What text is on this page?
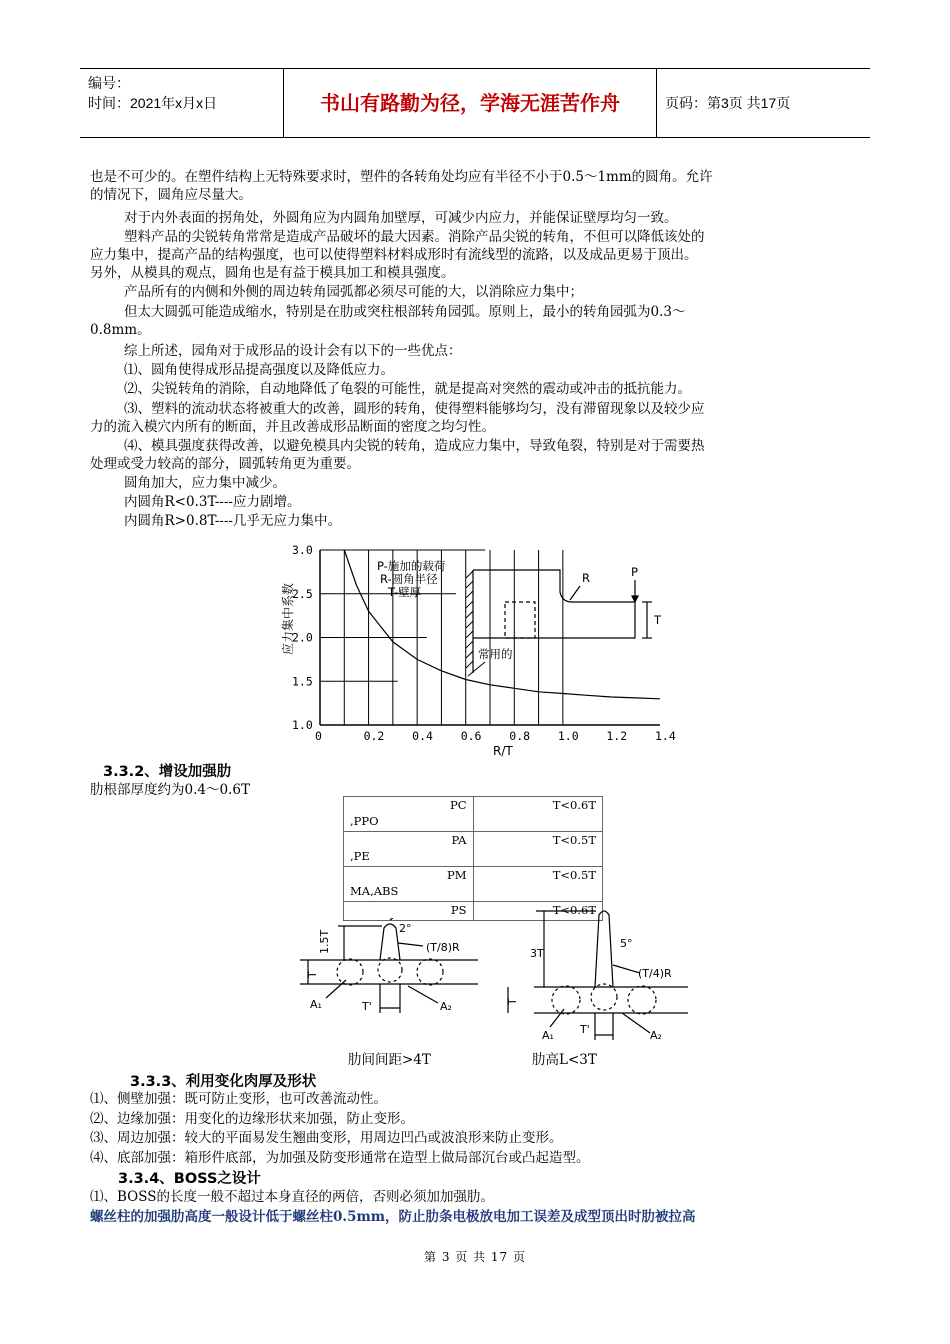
编号：
时间：2021年x月x日	书山有路勤为径，学海无涯苦作舟	页码：第3页 共17页
也是不可少的。在塑件结构上无特殊要求时，塑件的各转角处均应有半径不小于0.5～1mm的圆角。允许
的情况下，圆角应尽量大。
对于内外表面的拐角处，外圆角应为内圆角加壁厚，可减少内应力，并能保证壁厚均匀一致。
塑料产品的尖锐转角常常是造成产品破坏的最大因素。消除产品尖锐的转角，不但可以降低该处的
应力集中，提高产品的结构强度，也可以使得塑料材料成形时有流线型的流路，以及成品更易于顶出。
另外，从模具的观点，圆角也是有益于模具加工和模具强度。
产品所有的内侧和外侧的周边转角园弧都必须尽可能的大，以消除应力集中；
但太大圆弧可能造成缩水，特别是在肋或突柱根部转角园弧。原则上，最小的转角园弧为0.3～
0.8mm。
综上所述，园角对于成形品的设计会有以下的一些优点：
⑴、圆角使得成形品提高强度以及降低应力。
⑵、尖锐转角的消除，自动地降低了龟裂的可能性，就是提高对突然的震动或冲击的抵抗能力。
⑶、塑料的流动状态将被重大的改善，圆形的转角，使得塑料能够均匀，没有滞留现象以及较少应
力的流入模穴内所有的断面，并且改善成形品断面的密度之均匀性。
⑷、模具强度获得改善，以避免模具内尖锐的转角，造成应力集中，导致龟裂，特别是对于需要热
处理或受力较高的部分，圆弧转角更为重要。
圆角加大，应力集中减少。
内圆角R<0.3T----应力剧增。
内圆角R>0.8T----几乎无应力集中。
0	0.2 0.4 0.6 0.8 1.0 1.2 1.4
1.0
1.5
2.0
2.5
3.0
R/T
应力集中系数
P-施加的载荷
R-圆角半径
T-壁厚
R	P
T
常用的
3.3.2、增设加强肋
肋根部厚度约为0.4～0.6T
PC
,PPO	T<0.6T

PA
,PE	T<0.5T

PM
MA,ABS	T<0.5T

PS	T<0.6T
1.5T
2°
(T/8)R
T
T'
A₁	A₂
3T
5°
(T/4)R
T
T'
A₁	A₂
肋间间距>4T	肋高L<3T
3.3.3、利用变化肉厚及形状
⑴、侧壁加强：既可防止变形，也可改善流动性。
⑵、边缘加强：用变化的边缘形状来加强，防止变形。
⑶、周边加强：较大的平面易发生翘曲变形，用周边凹凸或波浪形来防止变形。
⑷、底部加强：箱形件底部，为加强及防变形通常在造型上做局部沉台或凸起造型。
3.3.4、BOSS之设计
⑴、BOSS的长度一般不超过本身直径的两倍，否则必须加加强肋。
螺丝柱的加强肋高度一般设计低于螺丝柱0.5mm，防止肋条电极放电加工误差及成型顶出时肋被拉高
第 3 页 共 17 页
